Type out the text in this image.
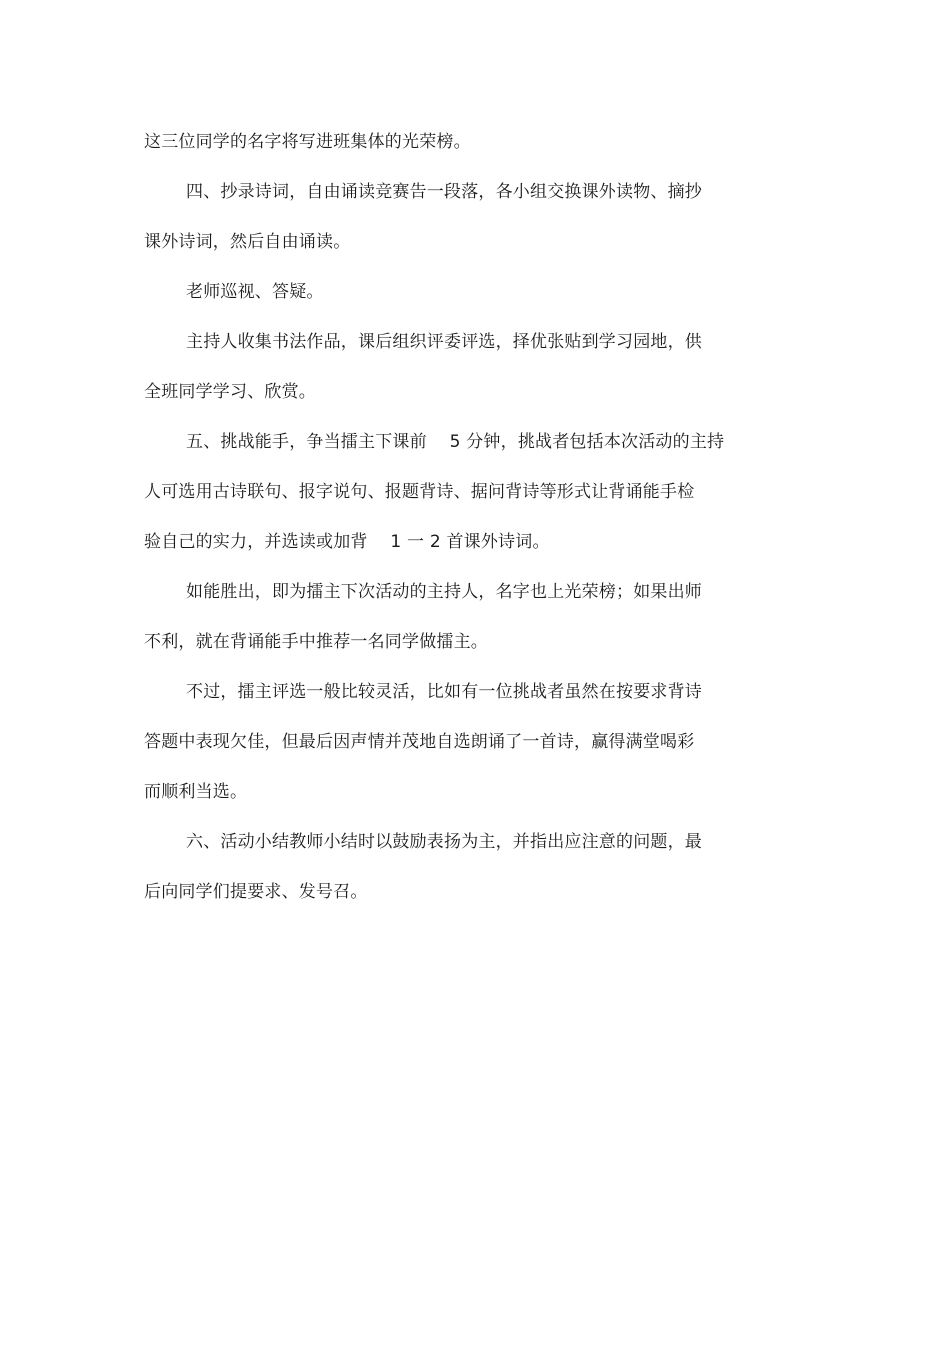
这三位同学的名字将写进班集体的光荣榜。
四、抄录诗词，自由诵读竞赛告一段落，各小组交换课外读物、摘抄
课外诗词，然后自由诵读。
老师巡视、答疑。
主持人收集书法作品，课后组织评委评选，择优张贴到学习园地，供
全班同学学习、欣赏。
五、挑战能手，争当擂主下课前　 5 分钟，挑战者包括本次活动的主持
人可选用古诗联句、报字说句、报题背诗、据问背诗等形式让背诵能手检
验自己的实力，并选读或加背　 1 一 2 首课外诗词。
如能胜出，即为擂主下次活动的主持人，名字也上光荣榜；如果出师
不利，就在背诵能手中推荐一名同学做擂主。
不过，擂主评选一般比较灵活，比如有一位挑战者虽然在按要求背诗
答题中表现欠佳，但最后因声情并茂地自选朗诵了一首诗，赢得满堂喝彩
而顺利当选。
六、活动小结教师小结时以鼓励表扬为主，并指出应注意的问题，最
后向同学们提要求、发号召。
